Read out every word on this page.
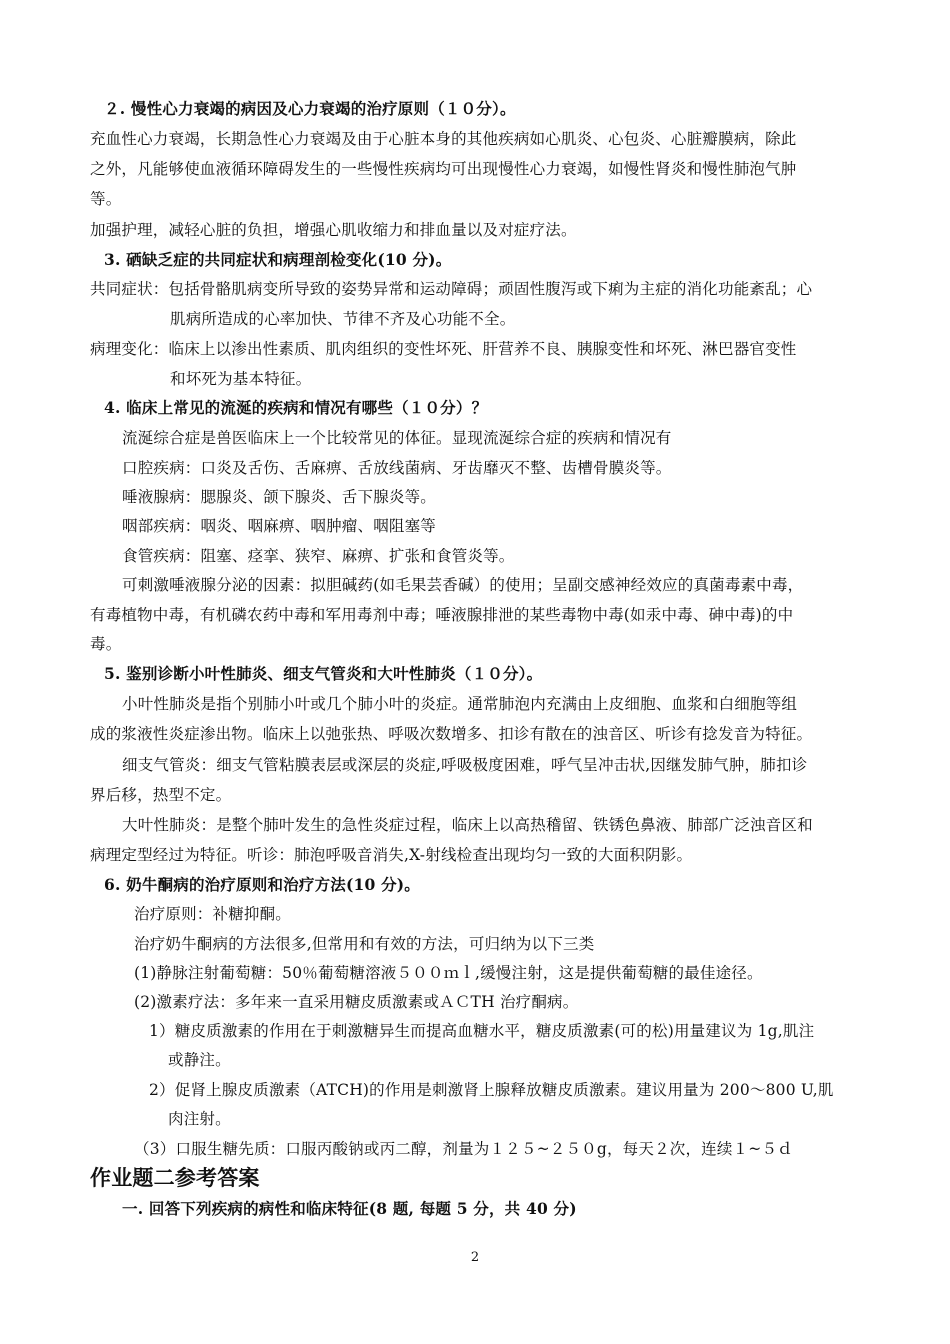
２. 慢性心力衰竭的病因及心力衰竭的治疗原则（１０分）。
充血性心力衰竭，长期急性心力衰竭及由于心脏本身的其他疾病如心肌炎、心包炎、心脏瓣膜病，除此
之外，凡能够使血液循环障碍发生的一些慢性疾病均可出现慢性心力衰竭，如慢性肾炎和慢性肺泡气肿
等。
加强护理，减轻心脏的负担，增强心肌收缩力和排血量以及对症疗法。
3. 硒缺乏症的共同症状和病理剖检变化(10 分)。
共同症状：包括骨骼肌病变所导致的姿势异常和运动障碍；顽固性腹泻或下痢为主症的消化功能紊乱；心
肌病所造成的心率加快、节律不齐及心功能不全。
病理变化：临床上以渗出性素质、肌肉组织的变性坏死、肝营养不良、胰腺变性和坏死、淋巴器官变性
和坏死为基本特征。
4. 临床上常见的流涎的疾病和情况有哪些（１０分）？
流涎综合症是兽医临床上一个比较常见的体征。显现流涎综合症的疾病和情况有
口腔疾病：口炎及舌伤、舌麻痹、舌放线菌病、牙齿靡灭不整、齿槽骨膜炎等。
唾液腺病：腮腺炎、颌下腺炎、舌下腺炎等。
咽部疾病：咽炎、咽麻痹、咽肿瘤、咽阻塞等
食管疾病：阻塞、痉挛、狭窄、麻痹、扩张和食管炎等。
可刺激唾液腺分泌的因素：拟胆碱药(如毛果芸香碱）的使用；呈副交感神经效应的真菌毒素中毒，
有毒植物中毒，有机磷农药中毒和军用毒剂中毒；唾液腺排泄的某些毒物中毒(如汞中毒、砷中毒)的中
毒。
5. 鉴别诊断小叶性肺炎、细支气管炎和大叶性肺炎（１０分）。
小叶性肺炎是指个别肺小叶或几个肺小叶的炎症。通常肺泡内充满由上皮细胞、血浆和白细胞等组
成的浆液性炎症渗出物。临床上以弛张热、呼吸次数增多、扣诊有散在的浊音区、听诊有捻发音为特征。
细支气管炎：细支气管粘膜表层或深层的炎症,呼吸极度困难，呼气呈冲击状,因继发肺气肿，肺扣诊
界后移，热型不定。
大叶性肺炎：是整个肺叶发生的急性炎症过程，临床上以高热稽留、铁锈色鼻液、肺部广泛浊音区和
病理定型经过为特征。听诊：肺泡呼吸音消失,X-射线检查出现均匀一致的大面积阴影。
6. 奶牛酮病的治疗原则和治疗方法(10 分)。
治疗原则：补糖抑酮。
治疗奶牛酮病的方法很多,但常用和有效的方法，可归纳为以下三类
(1)静脉注射葡萄糖：50％葡萄糖溶液５００ｍｌ,缓慢注射，这是提供葡萄糖的最佳途径。
(2)激素疗法：多年来一直采用糖皮质激素或ＡＣTH 治疗酮病。
1）糖皮质激素的作用在于刺激糖异生而提高血糖水平，糖皮质激素(可的松)用量建议为 1g,肌注
或静注。
2）促肾上腺皮质激素（ATCH)的作用是刺激肾上腺释放糖皮质激素。建议用量为 200～800 U,肌
肉注射。
（3）口服生糖先质：口服丙酸钠或丙二醇，剂量为１２５~２５０g，每天２次，连续１~５ｄ
作业题二参考答案
一. 回答下列疾病的病性和临床特征(8 题, 每题 5 分，共 40 分)
2
